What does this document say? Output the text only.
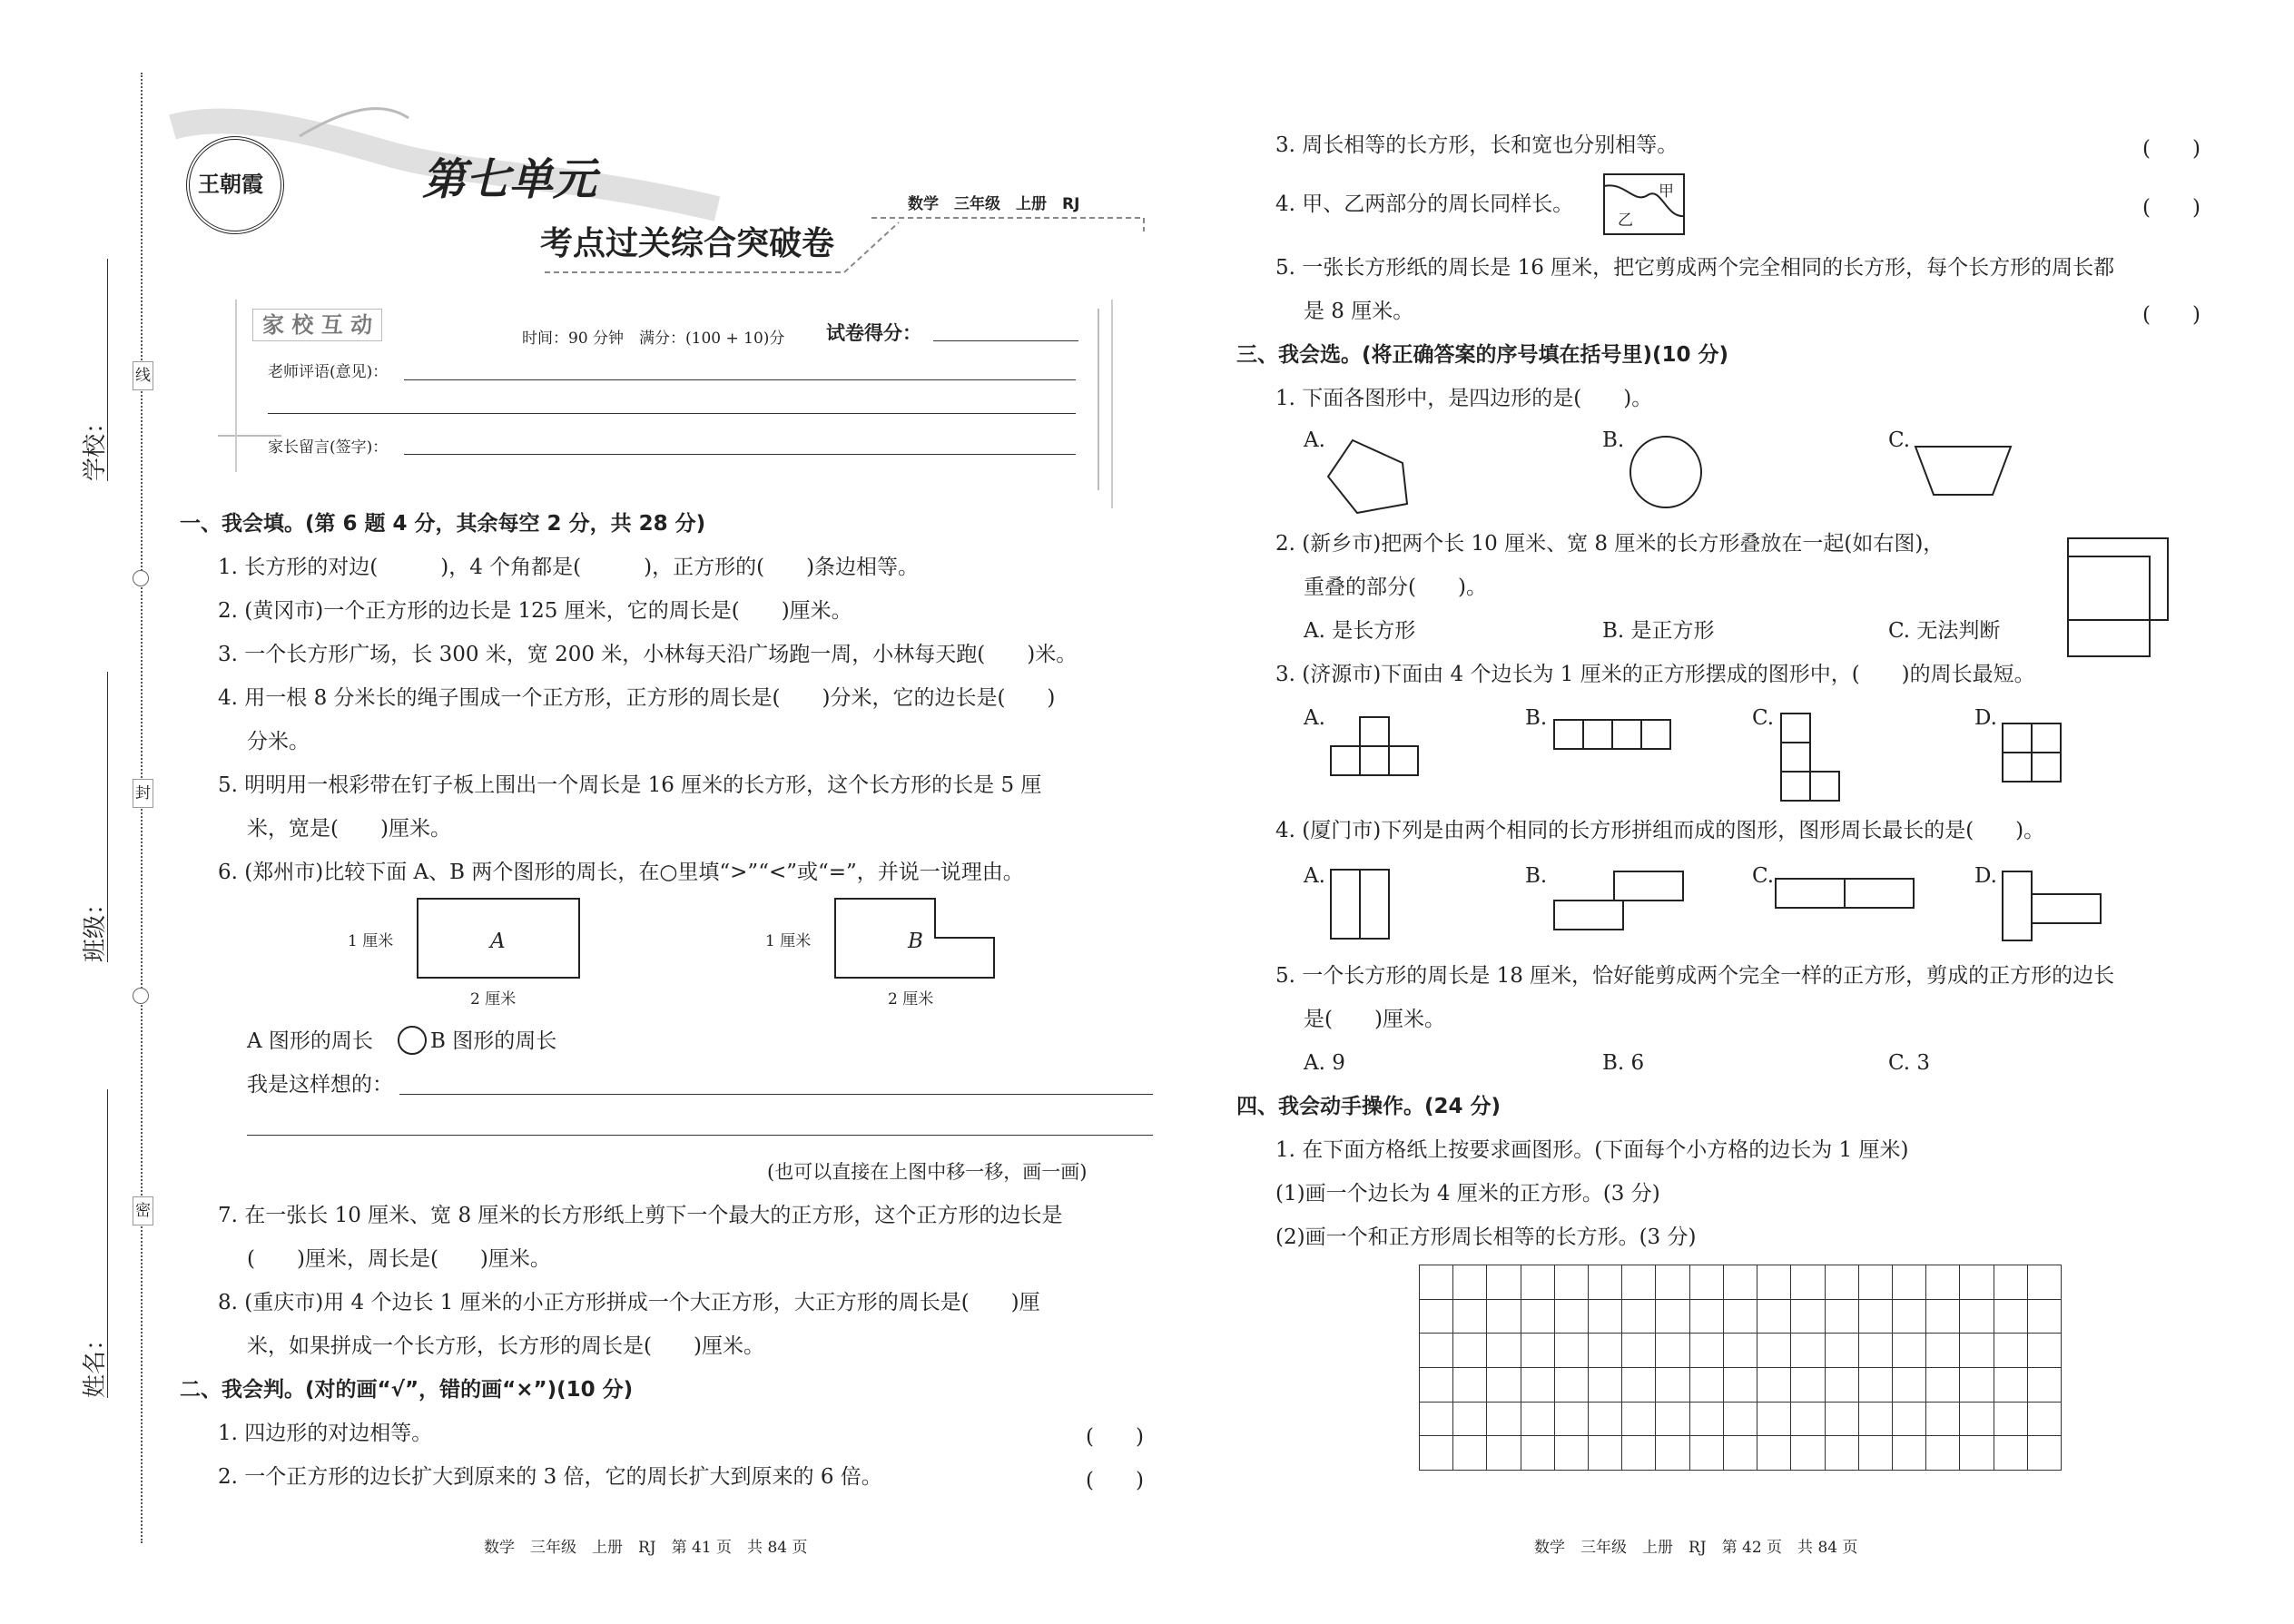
学校：
班级：
姓名：
线
封
密
王朝霞	第七单元
考点过关综合突破卷
数学　三年级　上册　RJ
家 校 互 动
时间：90 分钟　满分：(100 + 10)分 试卷得分：
老师评语(意见)：
家长留言(签字)：
一、我会填。(第 6 题 4 分，其余每空 2 分，共 28 分)
1. 长方形的对边(　　　)，4 个角都是(　　　)，正方形的(　　)条边相等。
2. (黄冈市)一个正方形的边长是 125 厘米，它的周长是(　　)厘米。
3. 一个长方形广场，长 300 米，宽 200 米，小林每天沿广场跑一周，小林每天跑(　　)米。
4. 用一根 8 分米长的绳子围成一个正方形，正方形的周长是(　　)分米，它的边长是(　　)
分米。
5. 明明用一根彩带在钉子板上围出一个周长是 16 厘米的长方形，这个长方形的长是 5 厘
米，宽是(　　)厘米。
6. (郑州市)比较下面 A、B 两个图形的周长，在○里填“>”“<”或“=”，并说一说理由。
1 厘米	A
2 厘米
1 厘米	B
2 厘米
A 图形的周长	B 图形的周长
我是这样想的：
(也可以直接在上图中移一移，画一画)
7. 在一张长 10 厘米、宽 8 厘米的长方形纸上剪下一个最大的正方形，这个正方形的边长是
(　　)厘米，周长是(　　)厘米。
8. (重庆市)用 4 个边长 1 厘米的小正方形拼成一个大正方形，大正方形的周长是(　　)厘
米，如果拼成一个长方形，长方形的周长是(　　)厘米。
二、我会判。(对的画“√”，错的画“×”)(10 分)
1. 四边形的对边相等。	(　　)
2. 一个正方形的边长扩大到原来的 3 倍，它的周长扩大到原来的 6 倍。	(　　)
数学　三年级　上册　RJ　第 41 页　共 84 页
3. 周长相等的长方形，长和宽也分别相等。	(　　)
4. 甲、乙两部分的周长同样长。
甲
乙
(　　)
5. 一张长方形纸的周长是 16 厘米，把它剪成两个完全相同的长方形，每个长方形的周长都
是 8 厘米。	(　　)
三、我会选。(将正确答案的序号填在括号里)(10 分)
1. 下面各图形中，是四边形的是(　　)。
A.	B.	C.
2. (新乡市)把两个长 10 厘米、宽 8 厘米的长方形叠放在一起(如右图)，
重叠的部分(　　)。
A. 是长方形	B. 是正方形	C. 无法判断
3. (济源市)下面由 4 个边长为 1 厘米的正方形摆成的图形中，(　　)的周长最短。
A.	B.	C.	D.
4. (厦门市)下列是由两个相同的长方形拼组而成的图形，图形周长最长的是(　　)。
A.	B.	C.	D.
5. 一个长方形的周长是 18 厘米，恰好能剪成两个完全一样的正方形，剪成的正方形的边长
是(　　)厘米。
A. 9	B. 6	C. 3
四、我会动手操作。(24 分)
1. 在下面方格纸上按要求画图形。(下面每个小方格的边长为 1 厘米)
(1)画一个边长为 4 厘米的正方形。(3 分)
(2)画一个和正方形周长相等的长方形。(3 分)
数学　三年级　上册　RJ　第 42 页　共 84 页
